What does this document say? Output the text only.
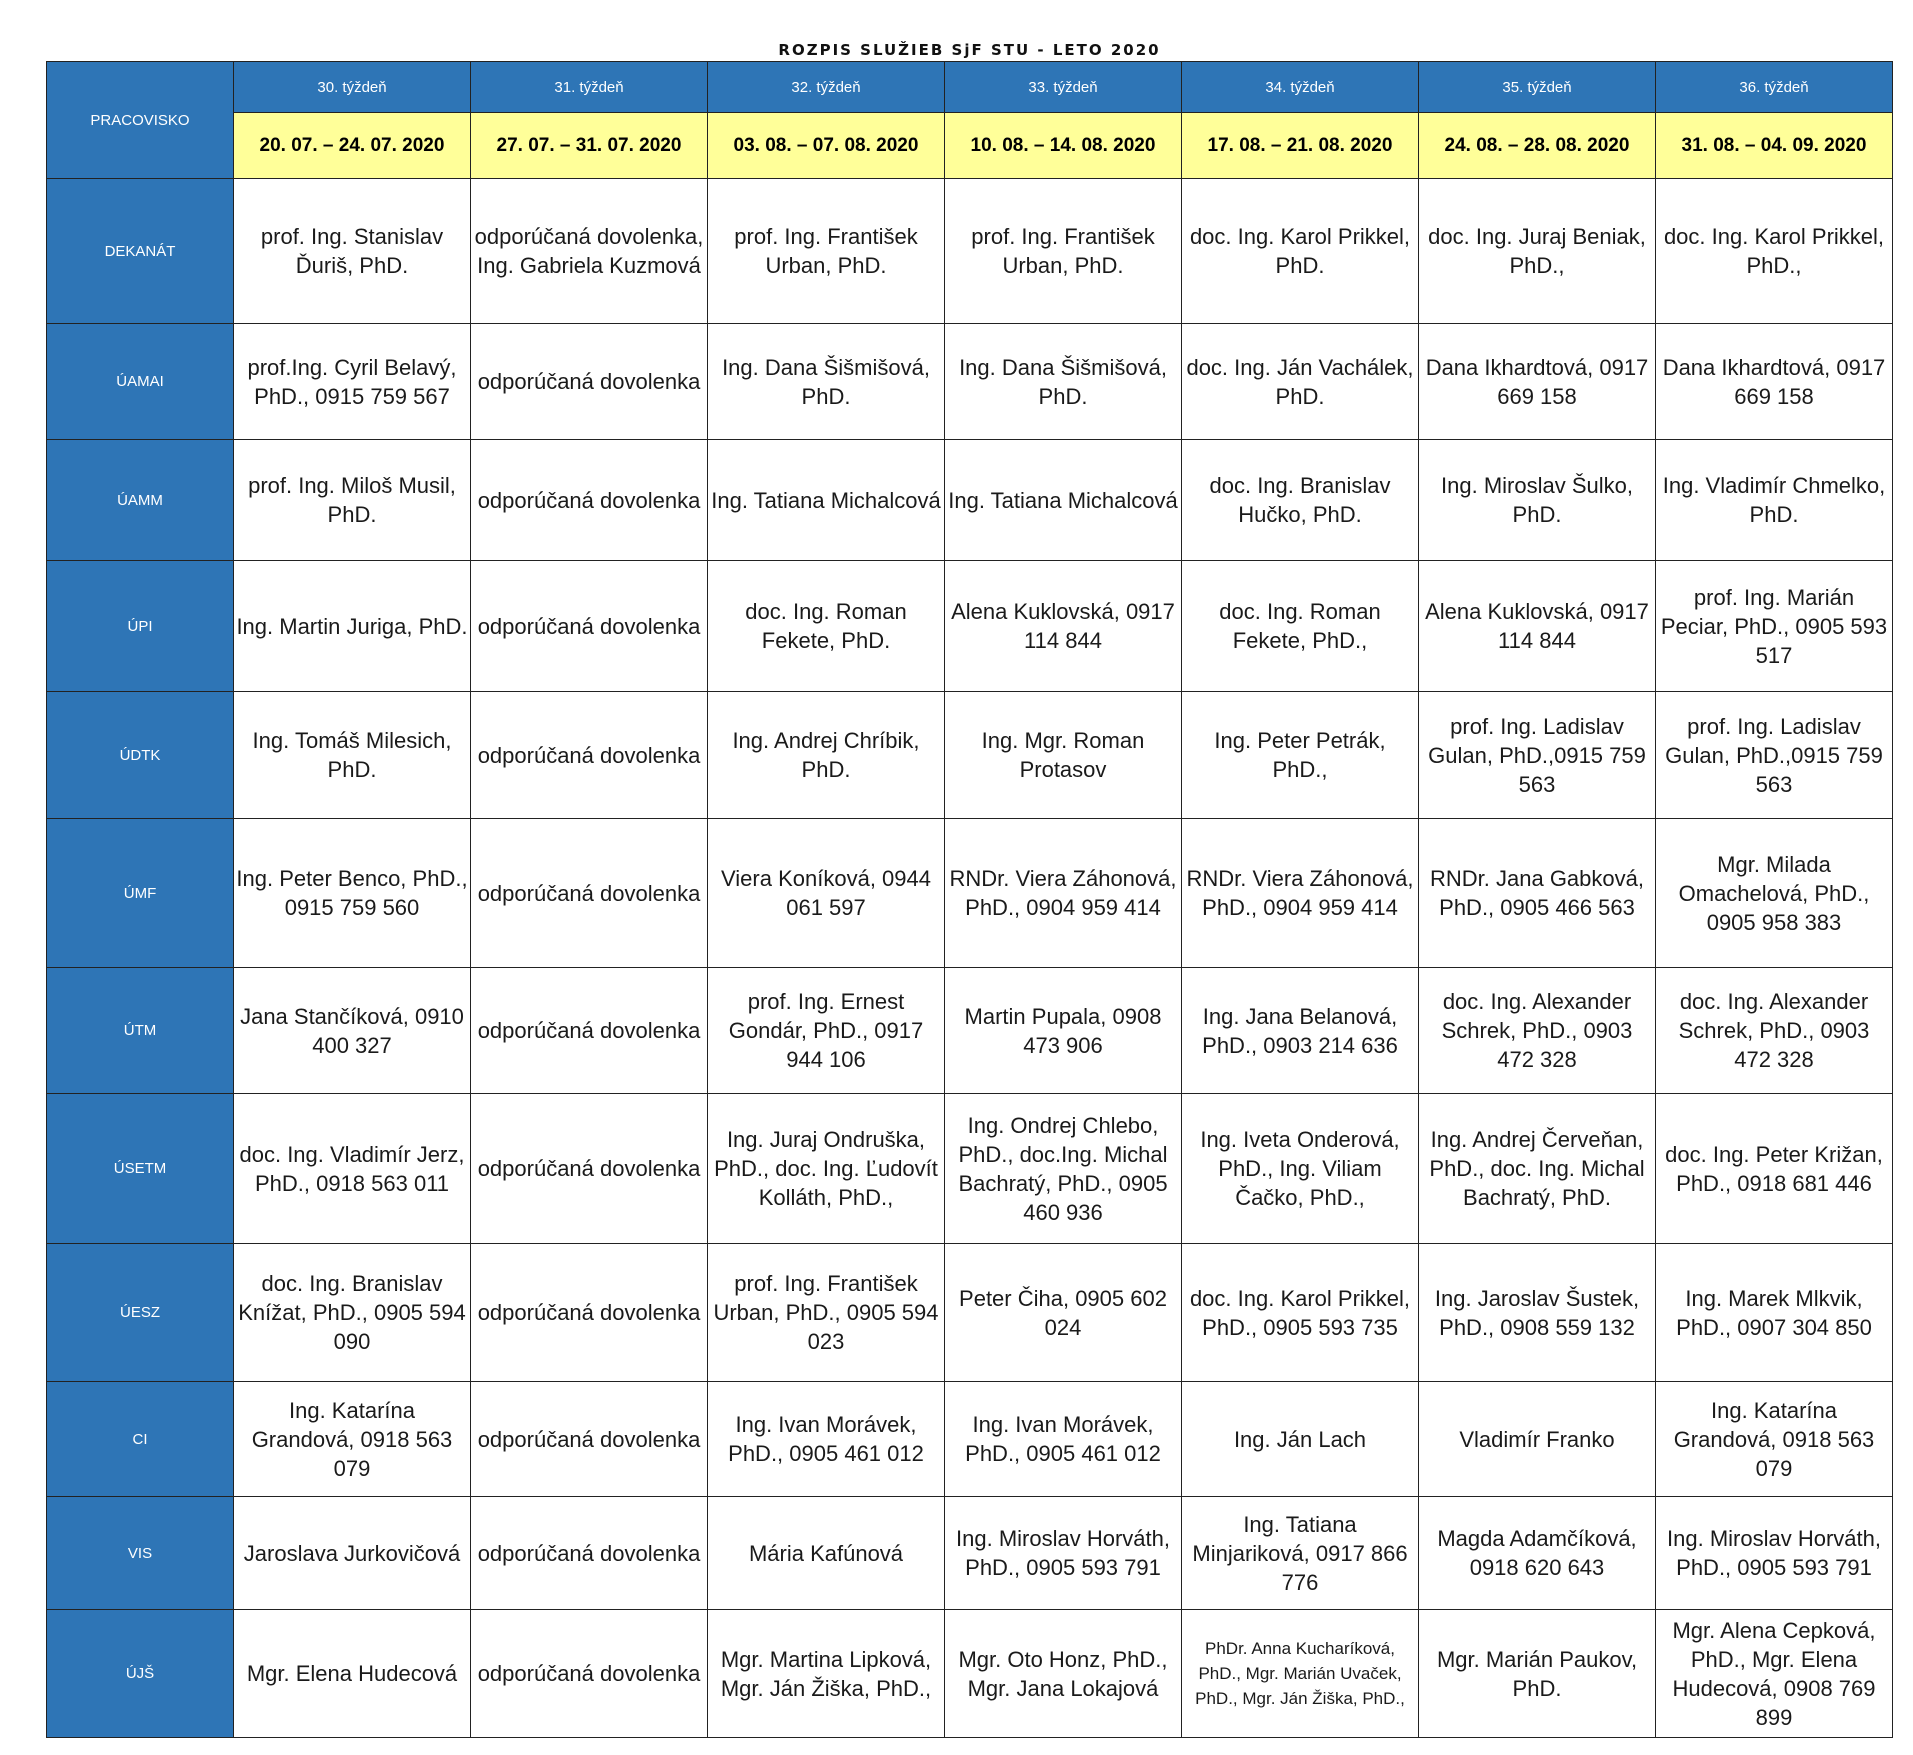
ROZPIS SLUŽIEB SjF STU - LETO 2020
PRACOVISKO	30. týždeň	31. týždeň	32. týždeň	33. týždeň	34. týždeň	35. týždeň	36. týždeň
	20. 07. – 24. 07. 2020	27. 07. – 31. 07. 2020	03. 08. – 07. 08. 2020	10. 08. – 14. 08. 2020	17. 08. – 21. 08. 2020	24. 08. – 28. 08. 2020	31. 08. – 04. 09. 2020
DEKANÁT	prof. Ing. Stanislav Ďuriš, PhD.	odporúčaná dovolenka, Ing. Gabriela Kuzmová	prof. Ing. František Urban, PhD.	prof. Ing. František Urban, PhD.	doc. Ing. Karol Prikkel, PhD.	doc. Ing. Juraj Beniak, PhD.,	doc. Ing. Karol Prikkel, PhD.,
ÚAMAI	prof.Ing. Cyril Belavý, PhD., 0915 759 567	odporúčaná dovolenka	Ing. Dana Šišmišová, PhD.	Ing. Dana Šišmišová, PhD.	doc. Ing. Ján Vachálek, PhD.	Dana Ikhardtová, 0917 669 158	Dana Ikhardtová, 0917 669 158
ÚAMM	prof. Ing. Miloš Musil, PhD.	odporúčaná dovolenka	Ing. Tatiana Michalcová	Ing. Tatiana Michalcová	doc. Ing. Branislav Hučko, PhD.	Ing. Miroslav Šulko, PhD.	Ing. Vladimír Chmelko, PhD.
ÚPI	Ing. Martin Juriga, PhD.	odporúčaná dovolenka	doc. Ing. Roman Fekete, PhD.	Alena Kuklovská, 0917 114 844	doc. Ing. Roman Fekete, PhD.,	Alena Kuklovská, 0917 114 844	prof. Ing. Marián Peciar, PhD., 0905 593 517
ÚDTK	Ing. Tomáš Milesich, PhD.	odporúčaná dovolenka	Ing. Andrej Chríbik, PhD.	Ing. Mgr. Roman Protasov	Ing. Peter Petrák, PhD.,	prof. Ing. Ladislav Gulan, PhD.,0915 759 563	prof. Ing. Ladislav Gulan, PhD.,0915 759 563
ÚMF	Ing. Peter Benco, PhD., 0915 759 560	odporúčaná dovolenka	Viera Koníková, 0944 061 597	RNDr. Viera Záhonová, PhD., 0904 959 414	RNDr. Viera Záhonová, PhD., 0904 959 414	RNDr. Jana Gabková, PhD., 0905 466 563	Mgr. Milada Omachelová, PhD., 0905 958 383
ÚTM	Jana Stančíková, 0910 400 327	odporúčaná dovolenka	prof. Ing. Ernest Gondár, PhD., 0917 944 106	Martin Pupala, 0908 473 906	Ing. Jana Belanová, PhD., 0903 214 636	doc. Ing. Alexander Schrek, PhD., 0903 472 328	doc. Ing. Alexander Schrek, PhD., 0903 472 328
ÚSETM	doc. Ing. Vladimír Jerz, PhD., 0918 563 011	odporúčaná dovolenka	Ing. Juraj Ondruška, PhD., doc. Ing. Ľudovít Kolláth, PhD.,	Ing. Ondrej Chlebo, PhD., doc.Ing. Michal Bachratý, PhD., 0905 460 936	Ing. Iveta Onderová, PhD., Ing. Viliam Čačko, PhD.,	Ing. Andrej Červeňan, PhD., doc. Ing. Michal Bachratý, PhD.	doc. Ing. Peter Križan, PhD., 0918 681 446
ÚESZ	doc. Ing. Branislav Knížat, PhD., 0905 594 090	odporúčaná dovolenka	prof. Ing. František Urban, PhD., 0905 594 023	Peter Čiha, 0905 602 024	doc. Ing. Karol Prikkel, PhD., 0905 593 735	Ing. Jaroslav Šustek, PhD., 0908 559 132	Ing. Marek Mlkvik, PhD., 0907 304 850
CI	Ing. Katarína Grandová, 0918 563 079	odporúčaná dovolenka	Ing. Ivan Morávek, PhD., 0905 461 012	Ing. Ivan Morávek, PhD., 0905 461 012	Ing. Ján Lach	Vladimír Franko	Ing. Katarína Grandová, 0918 563 079
VIS	Jaroslava Jurkovičová	odporúčaná dovolenka	Mária Kafúnová	Ing. Miroslav Horváth, PhD., 0905 593 791	Ing. Tatiana Minjariková, 0917 866 776	Magda Adamčíková, 0918 620 643	Ing. Miroslav Horváth, PhD., 0905 593 791
ÚJŠ	Mgr. Elena Hudecová	odporúčaná dovolenka	Mgr. Martina Lipková, Mgr. Ján Žiška, PhD.,	Mgr. Oto Honz, PhD., Mgr. Jana Lokajová	PhDr. Anna Kucharíková, PhD., Mgr. Marián Uvaček, PhD., Mgr. Ján Žiška, PhD.,	Mgr. Marián Paukov, PhD.	Mgr. Alena Cepková, PhD., Mgr. Elena Hudecová, 0908 769 899
